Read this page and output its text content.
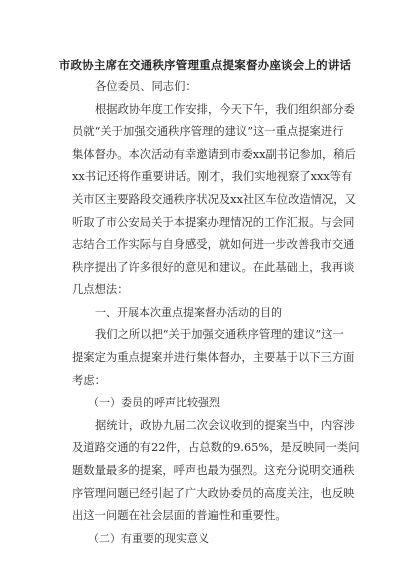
市政协主席在交通秩序管理重点提案督办座谈会上的讲话
各位委员、同志们：
根据政协年度工作安排，今天下午，我们组织部分委
员就“关于加强交通秩序管理的建议”这一重点提案进行
集体督办。本次活动有幸邀请到市委xx副书记参加，稍后
xx书记还将作重要讲话。刚才，我们实地视察了xxx等有
关市区主要路段交通秩序状况及xx社区车位改造情况，又
听取了市公安局关于本提案办理情况的工作汇报。与会同
志结合工作实际与自身感受，就如何进一步改善我市交通
秩序提出了许多很好的意见和建议。在此基础上，我再谈
几点想法：
一、开展本次重点提案督办活动的目的
我们之所以把“关于加强交通秩序管理的建议”这一
提案定为重点提案并进行集体督办，主要基于以下三方面
考虑：
（一）委员的呼声比较强烈
据统计，政协九届二次会议收到的提案当中，内容涉
及道路交通的有22件，占总数的9.65%，是反映同一类问
题数量最多的提案，呼声也最为强烈。这充分说明交通秩
序管理问题已经引起了广大政协委员的高度关注，也反映
出这一问题在社会层面的普遍性和重要性。
（二）有重要的现实意义
